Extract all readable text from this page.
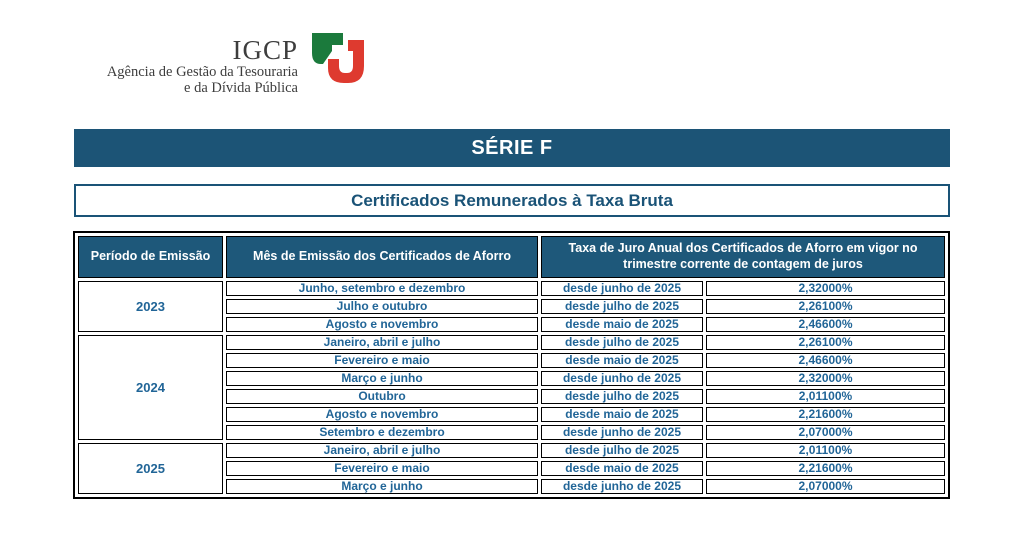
IGCP
Agência de Gestão da Tesouraria
e da Dívida Pública
SÉRIE F
Certificados Remunerados à Taxa Bruta
Período de Emissão	Mês de Emissão dos Certificados de Aforro	Taxa de Juro Anual dos Certificados de Aforro em vigor no trimestre corrente de contagem de juros	
2023	Junho, setembro e dezembro	desde junho de 2025	2,32000%
	Julho e outubro	desde julho de 2025	2,26100%
	Agosto e novembro	desde maio de 2025	2,46600%
2024	Janeiro, abril e julho	desde julho de 2025	2,26100%
	Fevereiro e maio	desde maio de 2025	2,46600%
	Março e junho	desde junho de 2025	2,32000%
	Outubro	desde julho de 2025	2,01100%
	Agosto e novembro	desde maio de 2025	2,21600%
	Setembro e dezembro	desde junho de 2025	2,07000%
2025	Janeiro, abril e julho	desde julho de 2025	2,01100%
	Fevereiro e maio	desde maio de 2025	2,21600%
	Março e junho	desde junho de 2025	2,07000%
